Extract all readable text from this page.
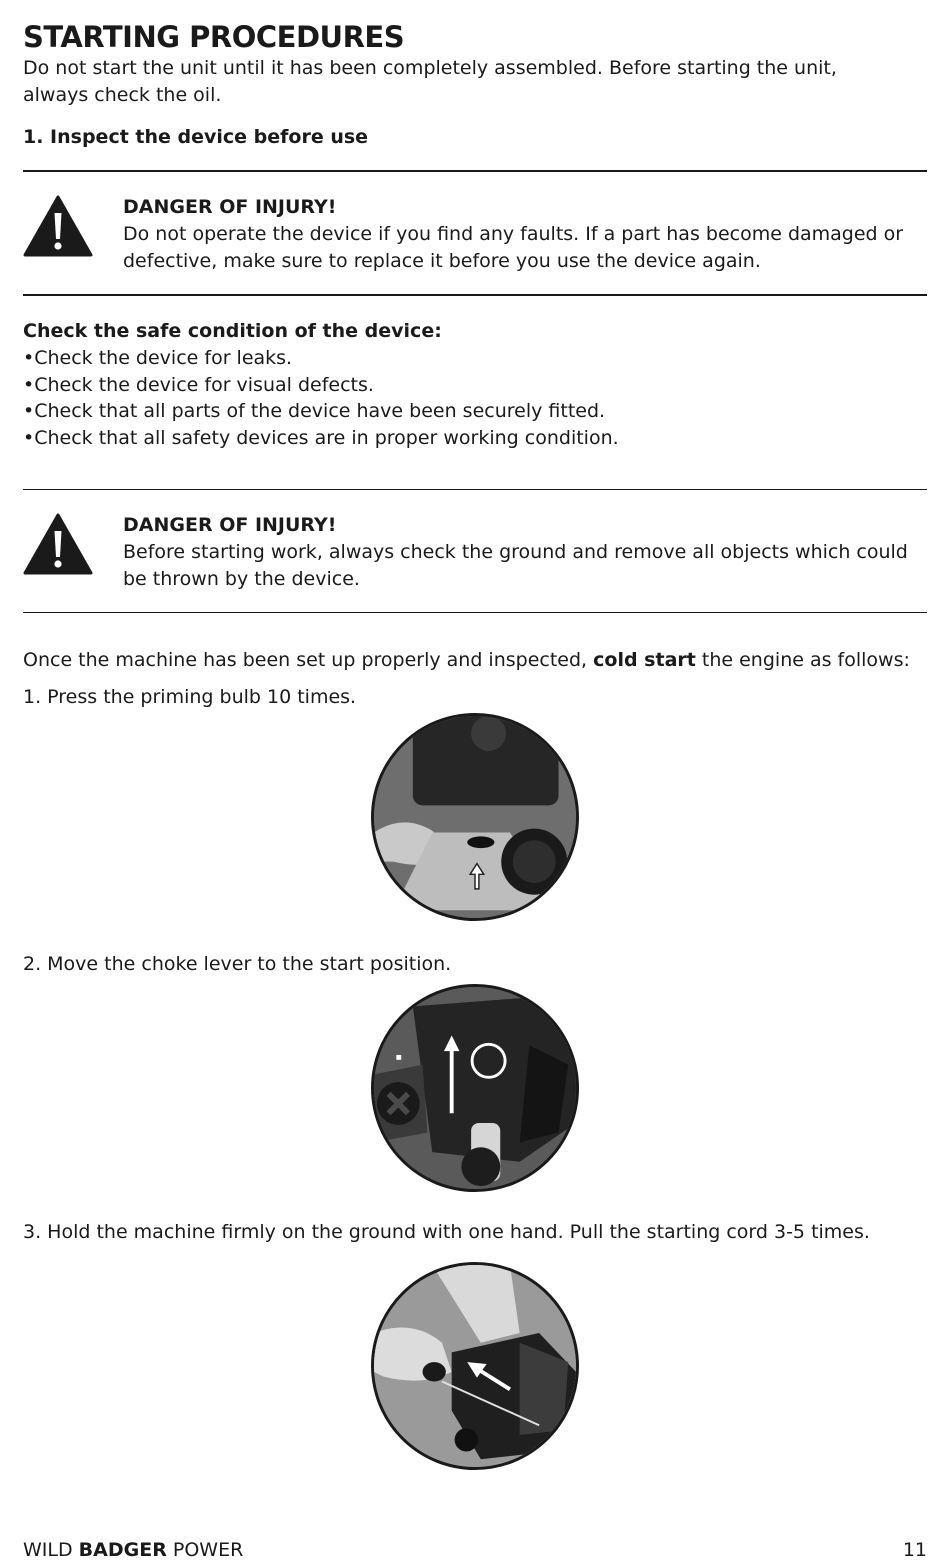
STARTING PROCEDURES

Do not start the unit until it has been completely assembled. Before starting the unit, always check the oil.

1. Inspect the device before use

DANGER OF INJURY!
Do not operate the device if you find any faults. If a part has become damaged or defective, make sure to replace it before you use the device again.

Check the safe condition of the device:

• Check the device for leaks.
• Check the device for visual defects.
• Check that all parts of the device have been securely fitted.
• Check that all safety devices are in proper working condition.
DANGER OF INJURY!
Before starting work, always check the ground and remove all objects which could be thrown by the device.

Once the machine has been set up properly and inspected, cold start the engine as follows:

1. Press the priming bulb 10 times.

2. Move the choke lever to the start position.

3. Hold the machine firmly on the ground with one hand. Pull the starting cord 3-5 times.

WILD BADGER POWER	11
